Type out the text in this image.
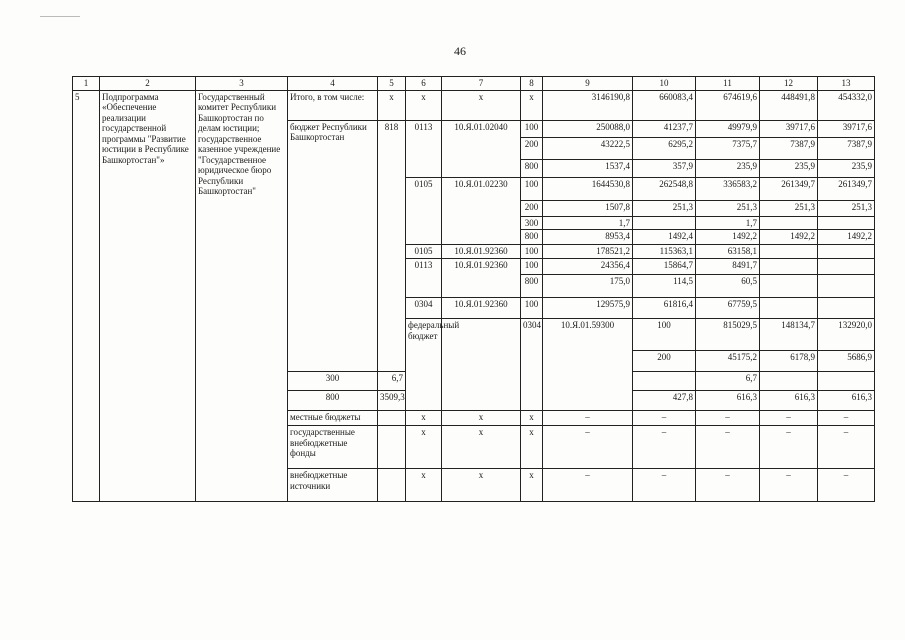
46
1	2	3	4	5	6	7	8	9	10	11	12	13	
5	Подпрограмма «Обеспечение реализации государственной программы "Развитие юстиции в Республике Башкортостан"»	Государственный комитет Республики Башкортостан по делам юстиции; государственное казенное учреждение "Государственное юридическое бюро Республики Башкортостан"	Итого, в том числе:	х	х	х	х	3146190,8	660083,4	674619,6	448491,8	454332,0	
			бюджет Республики Башкортостан	818	0113	10.Я.01.02040	100	250088,0	41237,7	49979,9	39717,6	39717,6	
							200	43222,5	6295,2	7375,7	7387,9	7387,9	
							800	1537,4	357,9	235,9	235,9	235,9	
					0105	10.Я.01.02230	100	1644530,8	262548,8	336583,2	261349,7	261349,7	
							200	1507,8	251,3	251,3	251,3	251,3	
							300	1,7		1,7			
							800	8953,4	1492,4	1492,2	1492,2	1492,2	
					0105	10.Я.01.92360	100	178521,2	115363,1	63158,1			
					0113	10.Я.01.92360	100	24356,4	15864,7	8491,7			
							800	175,0	114,5	60,5			
					0304	10.Я.01.92360	100	129575,9	61816,4	67759,5			
					федеральный бюджет		0304	10.Я.01.59300	100	815029,5	148134,7	132920,0		
									200	45175,2	6178,9	5686,9		
			300	6,7						6,7			
			800	3509,3					427,8	616,3	616,3	616,3	
			местные бюджеты		х	х	х	–	–	–	–	–	
			государственные внебюджетные фонды		х	х	х	–	–	–	–	–	
			внебюджетные источники		х	х	х	–	–	–	–	–	
